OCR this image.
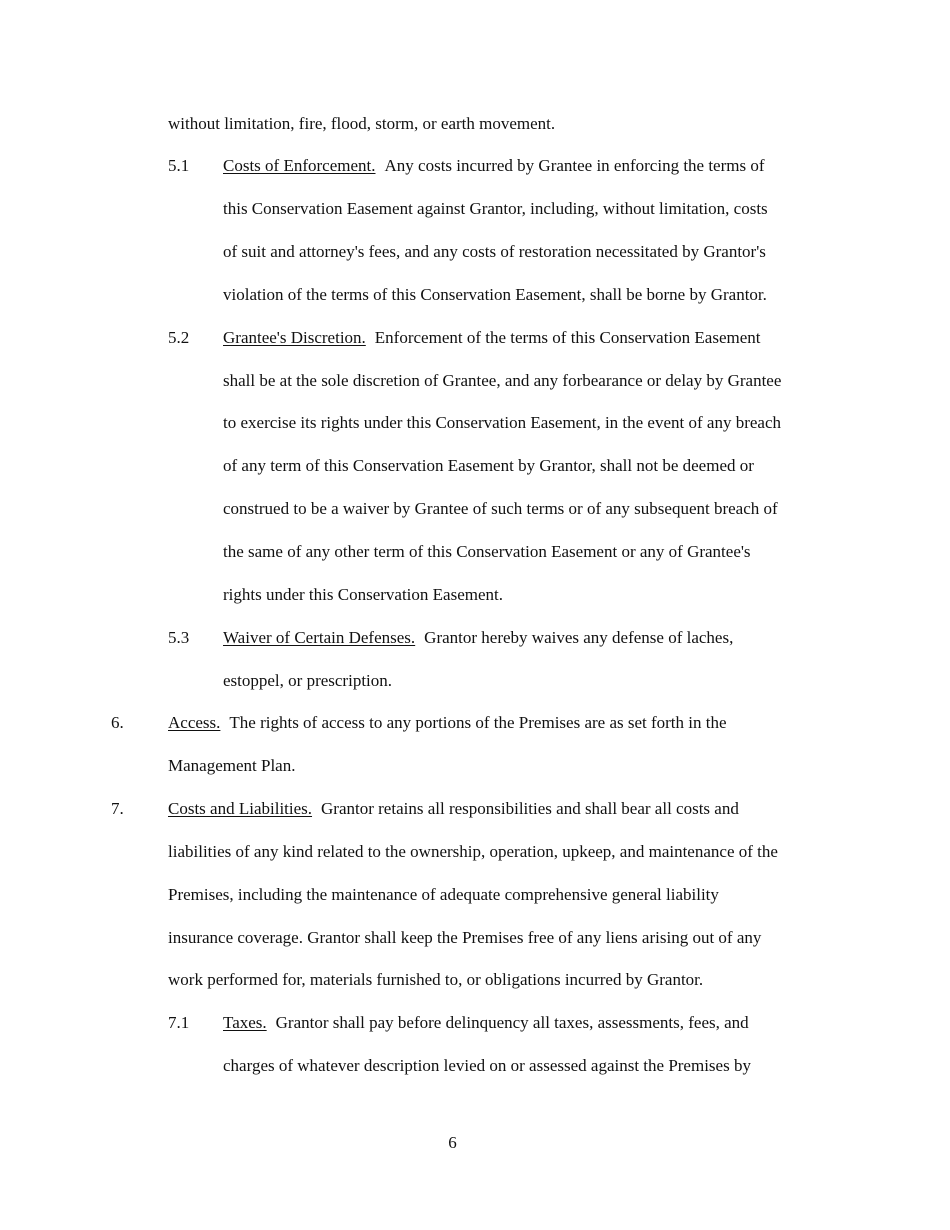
without limitation, fire, flood, storm, or earth movement.
5.1 Costs of Enforcement. Any costs incurred by Grantee in enforcing the terms of
this Conservation Easement against Grantor, including, without limitation, costs
of suit and attorney's fees, and any costs of restoration necessitated by Grantor's
violation of the terms of this Conservation Easement, shall be borne by Grantor.
5.2 Grantee's Discretion. Enforcement of the terms of this Conservation Easement
shall be at the sole discretion of Grantee, and any forbearance or delay by Grantee
to exercise its rights under this Conservation Easement, in the event of any breach
of any term of this Conservation Easement by Grantor, shall not be deemed or
construed to be a waiver by Grantee of such terms or of any subsequent breach of
the same of any other term of this Conservation Easement or any of Grantee's
rights under this Conservation Easement.
5.3 Waiver of Certain Defenses. Grantor hereby waives any defense of laches,
estoppel, or prescription.
6.	Access. The rights of access to any portions of the Premises are as set forth in the
Management Plan.
7.	Costs and Liabilities. Grantor retains all responsibilities and shall bear all costs and
liabilities of any kind related to the ownership, operation, upkeep, and maintenance of the
Premises, including the maintenance of adequate comprehensive general liability
insurance coverage. Grantor shall keep the Premises free of any liens arising out of any
work performed for, materials furnished to, or obligations incurred by Grantor.
7.1 Taxes. Grantor shall pay before delinquency all taxes, assessments, fees, and
charges of whatever description levied on or assessed against the Premises by
6
